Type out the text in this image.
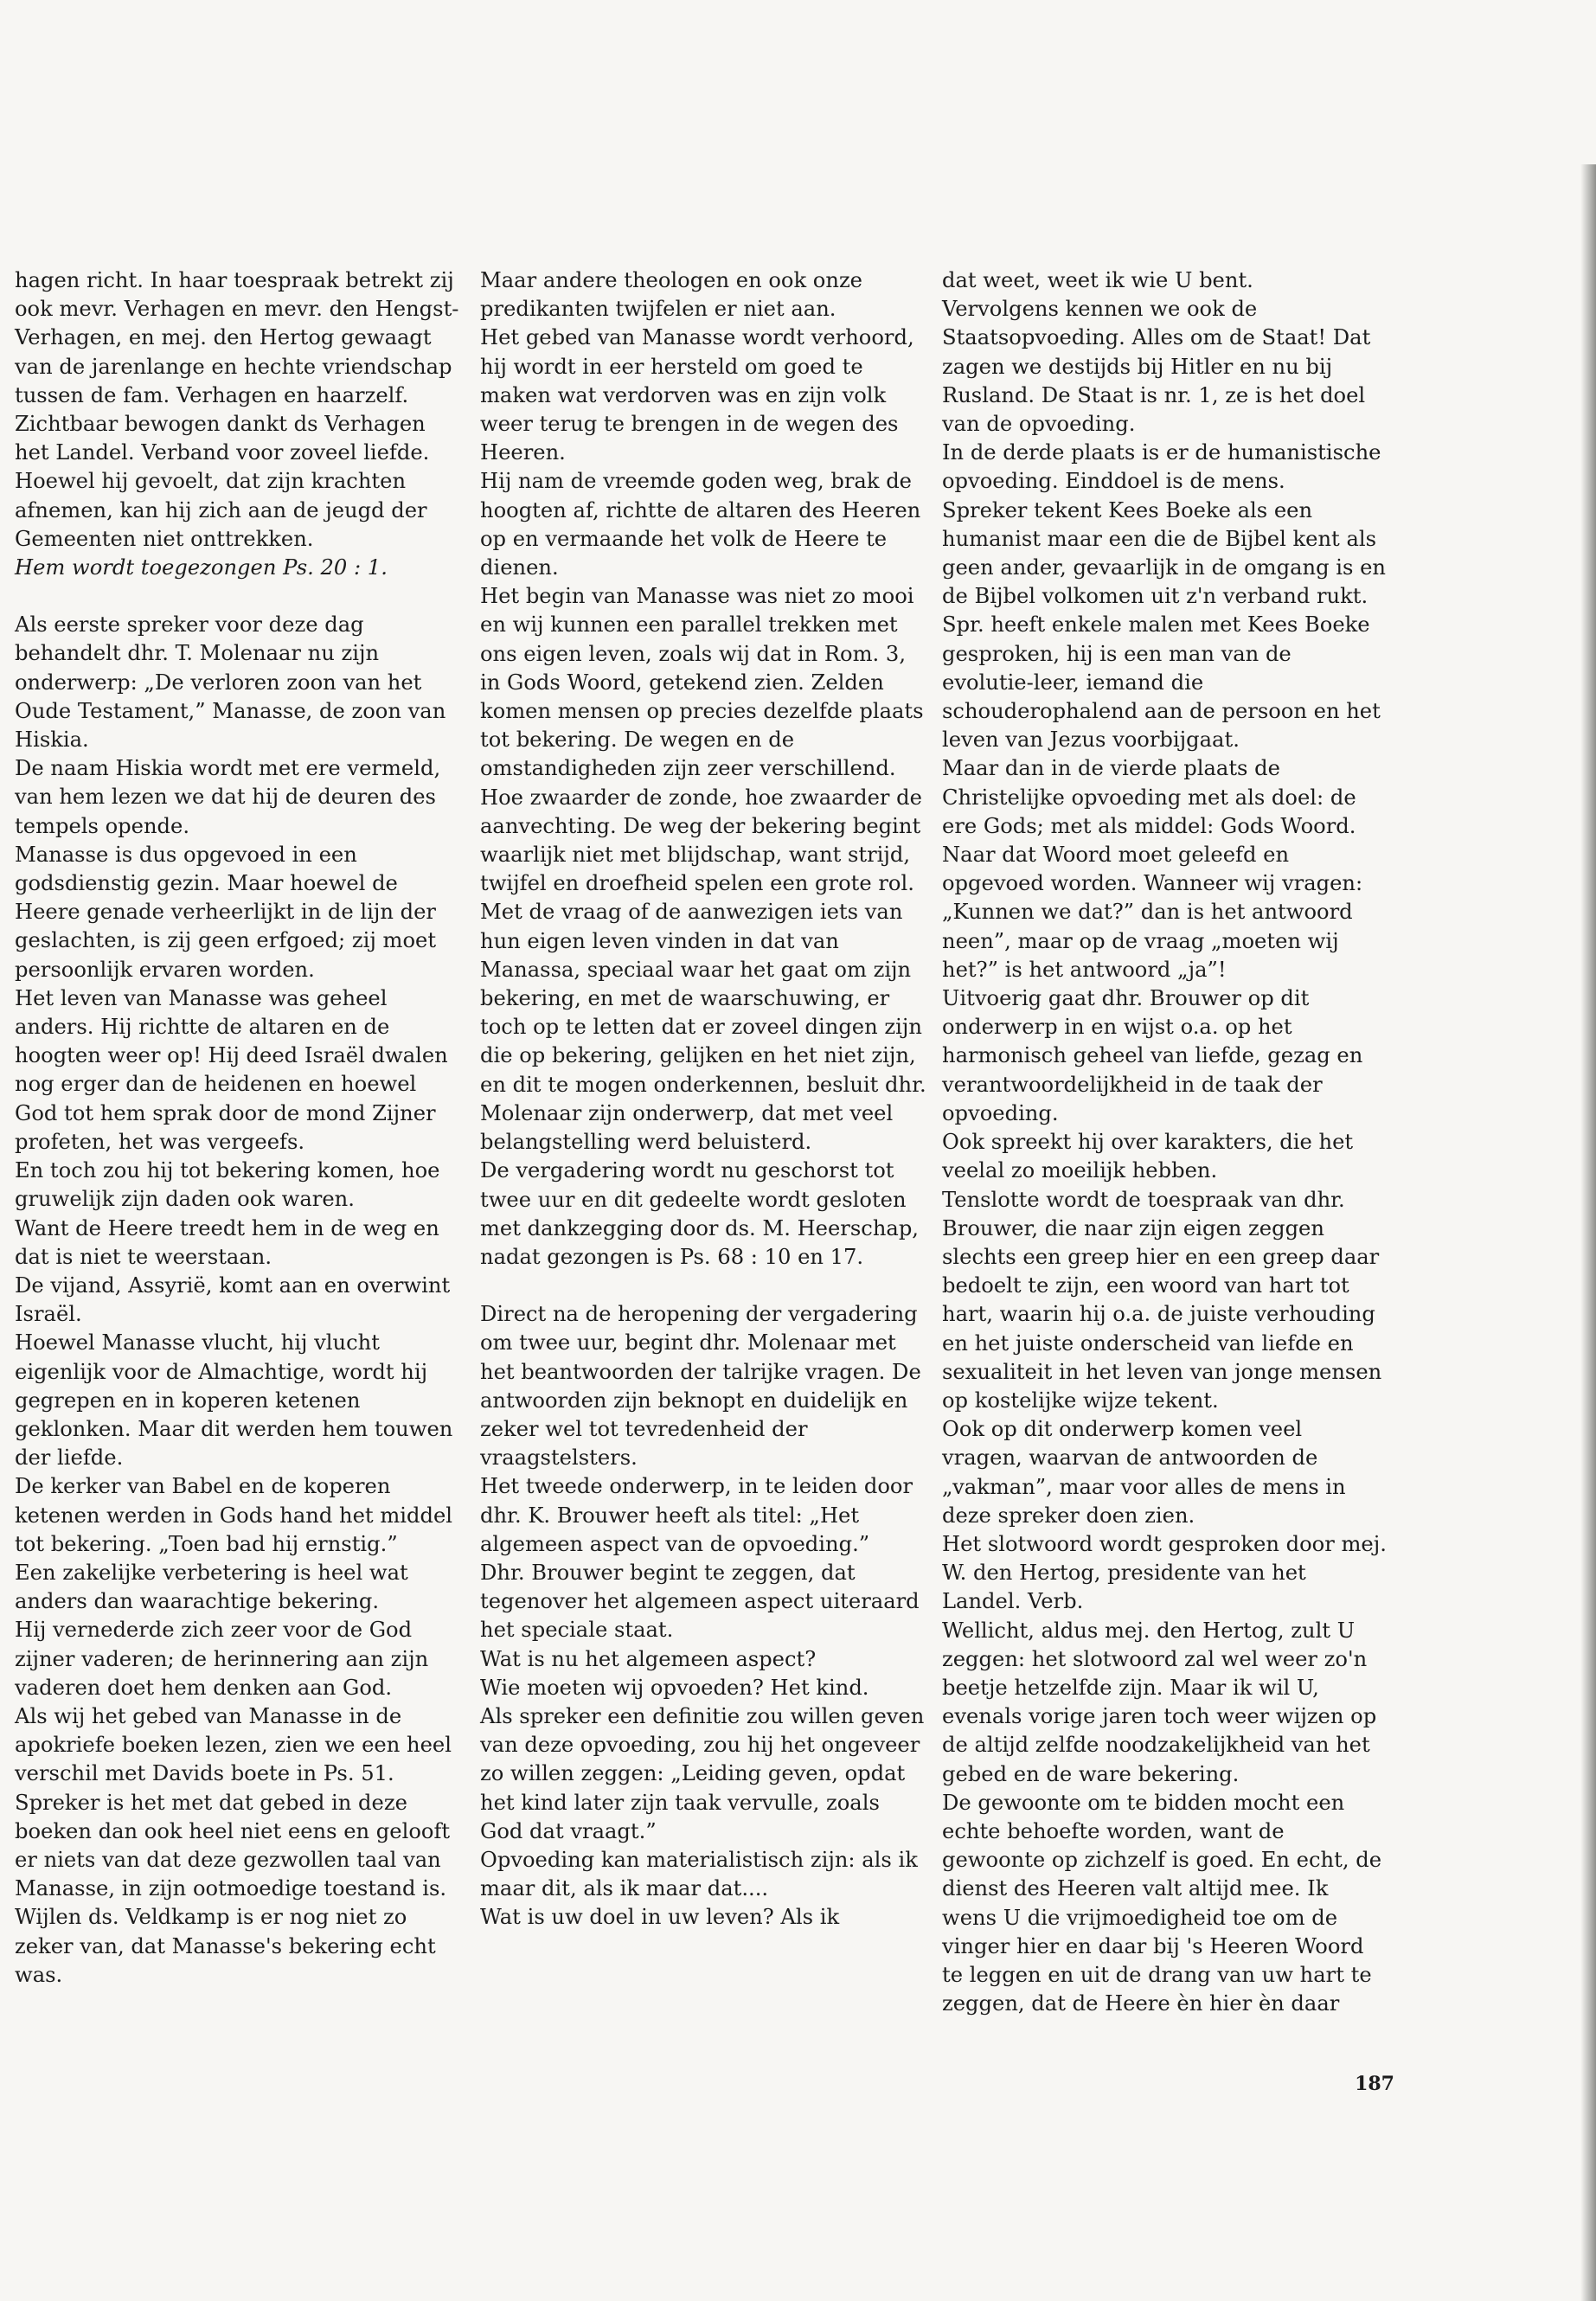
hagen richt. In haar toespraak betrekt zij ook mevr. Verhagen en mevr. den Hengst-Verhagen, en mej. den Hertog gewaagt van de jarenlange en hechte vriendschap tussen de fam. Verhagen en haarzelf.

Zichtbaar bewogen dankt ds Verhagen het Landel. Verband voor zoveel liefde. Hoewel hij gevoelt, dat zijn krachten afnemen, kan hij zich aan de jeugd der Gemeenten niet onttrekken.

Hem wordt toegezongen Ps. 20 : 1.

Als eerste spreker voor deze dag behandelt dhr. T. Molenaar nu zijn onderwerp: „De verloren zoon van het Oude Testament,” Manasse, de zoon van Hiskia.

De naam Hiskia wordt met ere vermeld, van hem lezen we dat hij de deuren des tempels opende.

Manasse is dus opgevoed in een godsdienstig gezin. Maar hoewel de Heere genade verheerlijkt in de lijn der geslachten, is zij geen erfgoed; zij moet persoonlijk ervaren worden.

Het leven van Manasse was geheel anders. Hij richtte de altaren en de hoogten weer op! Hij deed Israël dwalen nog erger dan de heidenen en hoewel God tot hem sprak door de mond Zijner profeten, het was vergeefs.

En toch zou hij tot bekering komen, hoe gruwelijk zijn daden ook waren.

Want de Heere treedt hem in de weg en dat is niet te weerstaan.

De vijand, Assyrië, komt aan en overwint Israël.

Hoewel Manasse vlucht, hij vlucht eigenlijk voor de Almachtige, wordt hij gegrepen en in koperen ketenen geklonken. Maar dit werden hem touwen der liefde.

De kerker van Babel en de koperen ketenen werden in Gods hand het middel tot bekering. „Toen bad hij ernstig.”

Een zakelijke verbetering is heel wat anders dan waarachtige bekering.

Hij vernederde zich zeer voor de God zijner vaderen; de herinnering aan zijn vaderen doet hem denken aan God.

Als wij het gebed van Manasse in de apokriefe boeken lezen, zien we een heel verschil met Davids boete in Ps. 51.

Spreker is het met dat gebed in deze boeken dan ook heel niet eens en gelooft er niets van dat deze gezwollen taal van Manasse, in zijn ootmoedige toestand is.

Wijlen ds. Veldkamp is er nog niet zo zeker van, dat Manasse's bekering echt was.

Maar andere theologen en ook onze predikanten twijfelen er niet aan.

Het gebed van Manasse wordt verhoord, hij wordt in eer hersteld om goed te maken wat verdorven was en zijn volk weer terug te brengen in de wegen des Heeren.

Hij nam de vreemde goden weg, brak de hoogten af, richtte de altaren des Heeren op en vermaande het volk de Heere te dienen.

Het begin van Manasse was niet zo mooi en wij kunnen een parallel trekken met ons eigen leven, zoals wij dat in Rom. 3, in Gods Woord, getekend zien. Zelden komen mensen op precies dezelfde plaats tot bekering. De wegen en de omstandigheden zijn zeer verschillend.

Hoe zwaarder de zonde, hoe zwaarder de aanvechting. De weg der bekering begint waarlijk niet met blijdschap, want strijd, twijfel en droefheid spelen een grote rol.

Met de vraag of de aanwezigen iets van hun eigen leven vinden in dat van Manassa, speciaal waar het gaat om zijn bekering, en met de waarschuwing, er toch op te letten dat er zoveel dingen zijn die op bekering, gelijken en het niet zijn, en dit te mogen onderkennen, besluit dhr. Molenaar zijn onderwerp, dat met veel belangstelling werd beluisterd.

De vergadering wordt nu geschorst tot twee uur en dit gedeelte wordt gesloten met dankzegging door ds. M. Heerschap, nadat gezongen is Ps. 68 : 10 en 17.

Direct na de heropening der vergadering om twee uur, begint dhr. Molenaar met het beantwoorden der talrijke vragen. De antwoorden zijn beknopt en duidelijk en zeker wel tot tevredenheid der vraagstelsters.

Het tweede onderwerp, in te leiden door dhr. K. Brouwer heeft als titel: „Het algemeen aspect van de opvoeding.”

Dhr. Brouwer begint te zeggen, dat tegenover het algemeen aspect uiteraard het speciale staat.

Wat is nu het algemeen aspect?

Wie moeten wij opvoeden? Het kind.

Als spreker een definitie zou willen geven van deze opvoeding, zou hij het ongeveer zo willen zeggen: „Leiding geven, opdat het kind later zijn taak vervulle, zoals God dat vraagt.”

Opvoeding kan materialistisch zijn: als ik maar dit, als ik maar dat....

Wat is uw doel in uw leven? Als ik

dat weet, weet ik wie U bent.

Vervolgens kennen we ook de Staatsopvoeding. Alles om de Staat! Dat zagen we destijds bij Hitler en nu bij Rusland. De Staat is nr. 1, ze is het doel van de opvoeding.

In de derde plaats is er de humanistische opvoeding. Einddoel is de mens.

Spreker tekent Kees Boeke als een humanist maar een die de Bijbel kent als geen ander, gevaarlijk in de omgang is en de Bijbel volkomen uit z'n verband rukt.

Spr. heeft enkele malen met Kees Boeke gesproken, hij is een man van de evolutie-leer, iemand die schouderophalend aan de persoon en het leven van Jezus voorbijgaat.

Maar dan in de vierde plaats de Christelijke opvoeding met als doel: de ere Gods; met als middel: Gods Woord.

Naar dat Woord moet geleefd en opgevoed worden. Wanneer wij vragen: „Kunnen we dat?” dan is het antwoord neen”, maar op de vraag „moeten wij het?” is het antwoord „ja”!

Uitvoerig gaat dhr. Brouwer op dit onderwerp in en wijst o.a. op het harmonisch geheel van liefde, gezag en verantwoordelijkheid in de taak der opvoeding.

Ook spreekt hij over karakters, die het veelal zo moeilijk hebben.

Tenslotte wordt de toespraak van dhr. Brouwer, die naar zijn eigen zeggen slechts een greep hier en een greep daar bedoelt te zijn, een woord van hart tot hart, waarin hij o.a. de juiste verhouding en het juiste onderscheid van liefde en sexualiteit in het leven van jonge mensen op kostelijke wijze tekent.

Ook op dit onderwerp komen veel vragen, waarvan de antwoorden de „vakman”, maar voor alles de mens in deze spreker doen zien.

Het slotwoord wordt gesproken door mej. W. den Hertog, presidente van het Landel. Verb.

Wellicht, aldus mej. den Hertog, zult U zeggen: het slotwoord zal wel weer zo'n beetje hetzelfde zijn. Maar ik wil U, evenals vorige jaren toch weer wijzen op de altijd zelfde noodzakelijkheid van het gebed en de ware bekering.

De gewoonte om te bidden mocht een echte behoefte worden, want de gewoonte op zichzelf is goed. En echt, de dienst des Heeren valt altijd mee. Ik wens U die vrijmoedigheid toe om de vinger hier en daar bij 's Heeren Woord te leggen en uit de drang van uw hart te zeggen, dat de Heere èn hier èn daar

187
